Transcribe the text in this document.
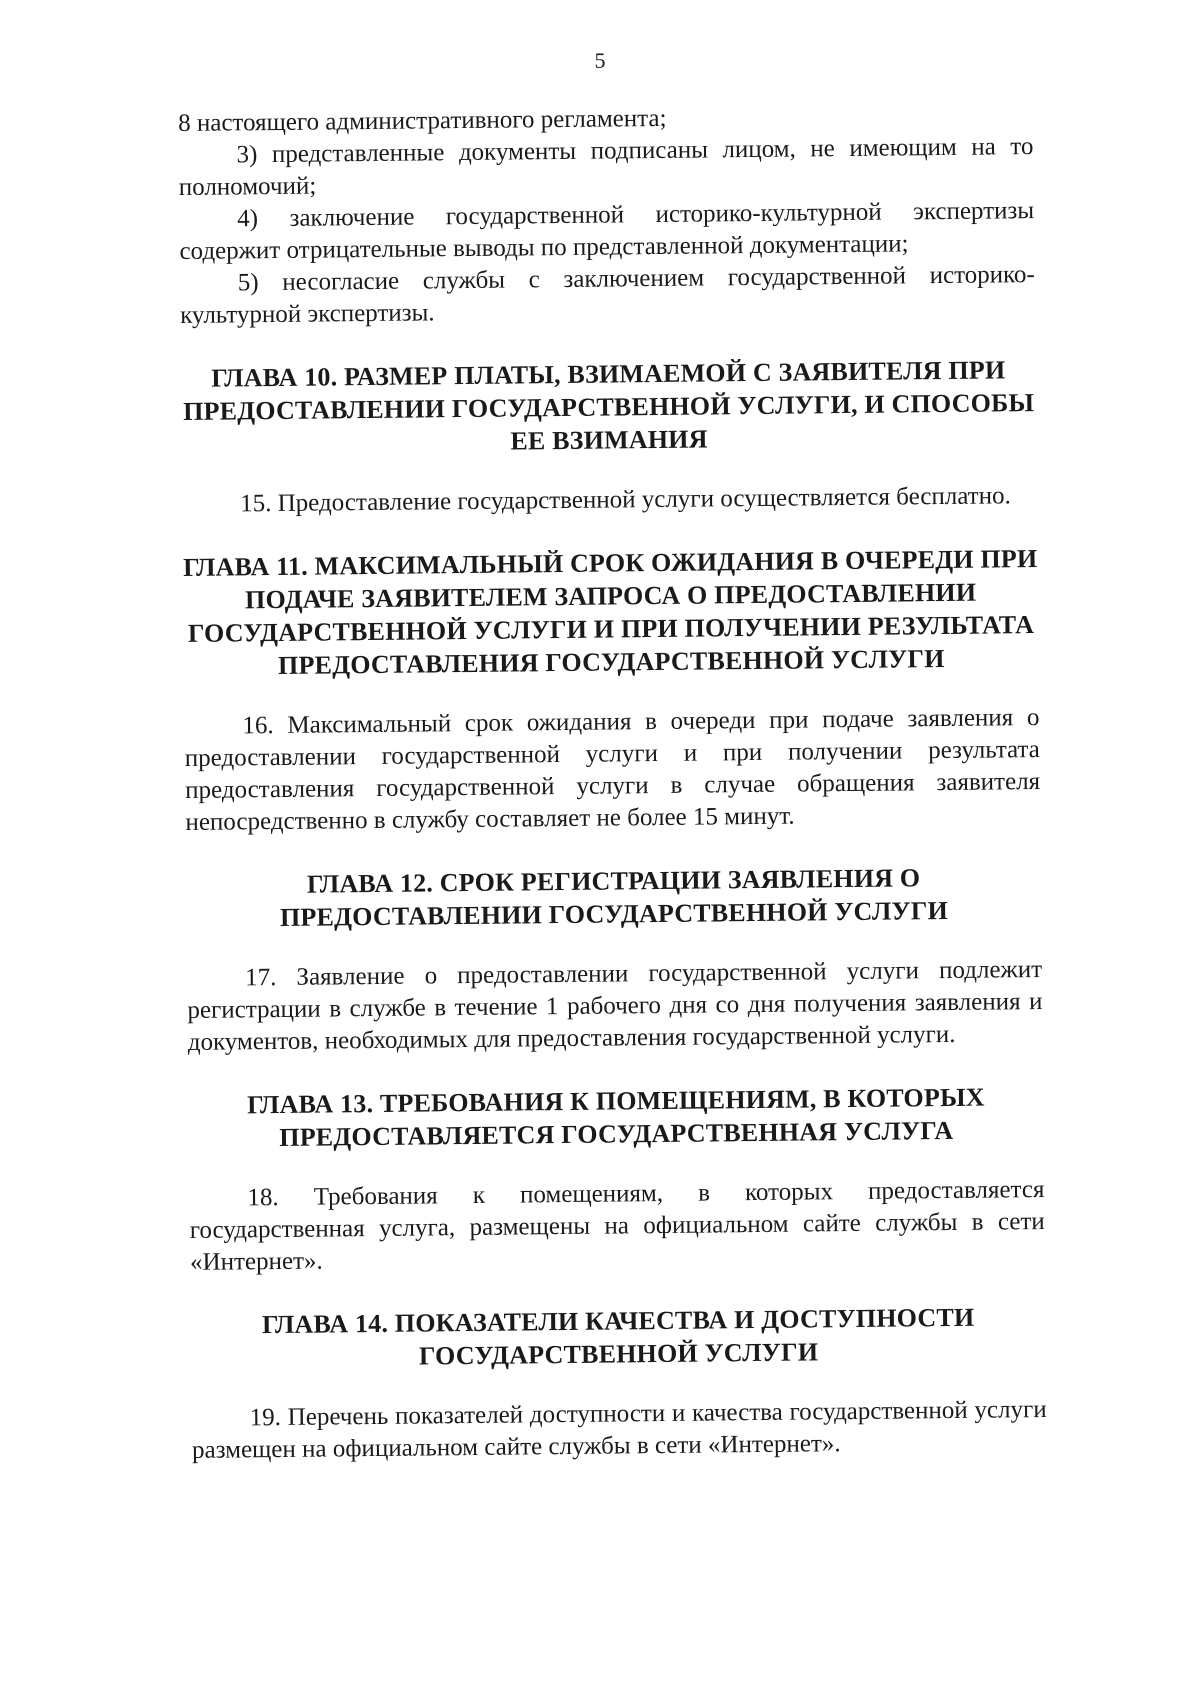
5

8 настоящего административного регламента;

3) представленные документы подписаны лицом, не имеющим на то полномочий;

4) заключение государственной историко-культурной экспертизы содержит отрицательные выводы по представленной документации;

5) несогласие службы с заключением государственной историко-культурной экспертизы.

ГЛАВА 10. РАЗМЕР ПЛАТЫ, ВЗИМАЕМОЙ С ЗАЯВИТЕЛЯ ПРИ ПРЕДОСТАВЛЕНИИ ГОСУДАРСТВЕННОЙ УСЛУГИ, И СПОСОБЫ ЕЕ ВЗИМАНИЯ

15. Предоставление государственной услуги осуществляется бесплатно.

ГЛАВА 11. МАКСИМАЛЬНЫЙ СРОК ОЖИДАНИЯ В ОЧЕРЕДИ ПРИ ПОДАЧЕ ЗАЯВИТЕЛЕМ ЗАПРОСА О ПРЕДОСТАВЛЕНИИ ГОСУДАРСТВЕННОЙ УСЛУГИ И ПРИ ПОЛУЧЕНИИ РЕЗУЛЬТАТА ПРЕДОСТАВЛЕНИЯ ГОСУДАРСТВЕННОЙ УСЛУГИ

16. Максимальный срок ожидания в очереди при подаче заявления о предоставлении государственной услуги и при получении результата предоставления государственной услуги в случае обращения заявителя непосредственно в службу составляет не более 15 минут.

ГЛАВА 12. СРОК РЕГИСТРАЦИИ ЗАЯВЛЕНИЯ О ПРЕДОСТАВЛЕНИИ ГОСУДАРСТВЕННОЙ УСЛУГИ

17. Заявление о предоставлении государственной услуги подлежит регистрации в службе в течение 1 рабочего дня со дня получения заявления и документов, необходимых для предоставления государственной услуги.

ГЛАВА 13. ТРЕБОВАНИЯ К ПОМЕЩЕНИЯМ, В КОТОРЫХ ПРЕДОСТАВЛЯЕТСЯ ГОСУДАРСТВЕННАЯ УСЛУГА

18. Требования к помещениям, в которых предоставляется государственная услуга, размещены на официальном сайте службы в сети «Интернет».

ГЛАВА 14. ПОКАЗАТЕЛИ КАЧЕСТВА И ДОСТУПНОСТИ ГОСУДАРСТВЕННОЙ УСЛУГИ

19. Перечень показателей доступности и качества государственной услуги размещен на официальном сайте службы в сети «Интернет».
